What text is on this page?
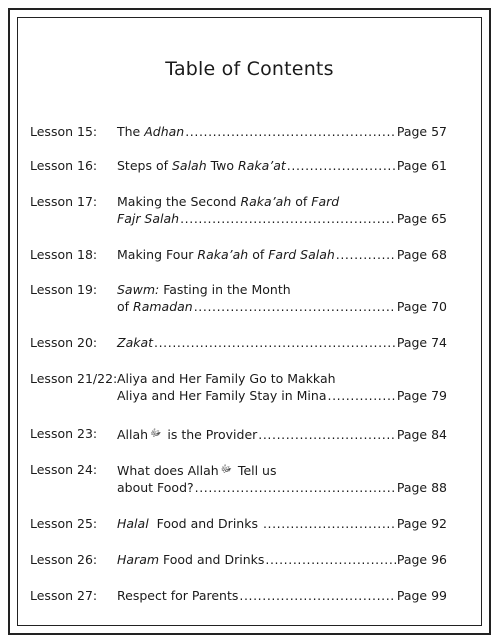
Table of Contents
Lesson 15: The Adhan .....	Page 57
Lesson 16: Steps of Salah Two Raka’at .....	Page 61
Lesson 17: Making the Second Raka’ah of Fard
Fajr Salah .....	Page 65
Lesson 18: Making Four Raka’ah of Fard Salah .....	Page 68
Lesson 19: Sawm: Fasting in the Month
of Ramadan .....	Page 70
Lesson 20: Zakat .....	Page 74
Lesson 21/22: Aliya and Her Family Go to Makkah
Aliya and Her Family Stay in Mina .....	Page 79
Lesson 23: Allah ﷻ is the Provider .....	Page 84
Lesson 24: What does Allah ﷻ Tell us
about Food? .....	Page 88
Lesson 25: Halal  Food and Drinks .....	Page 92
Lesson 26: Haram Food and Drinks .....	Page 96
Lesson 27: Respect for Parents .....	Page 99
